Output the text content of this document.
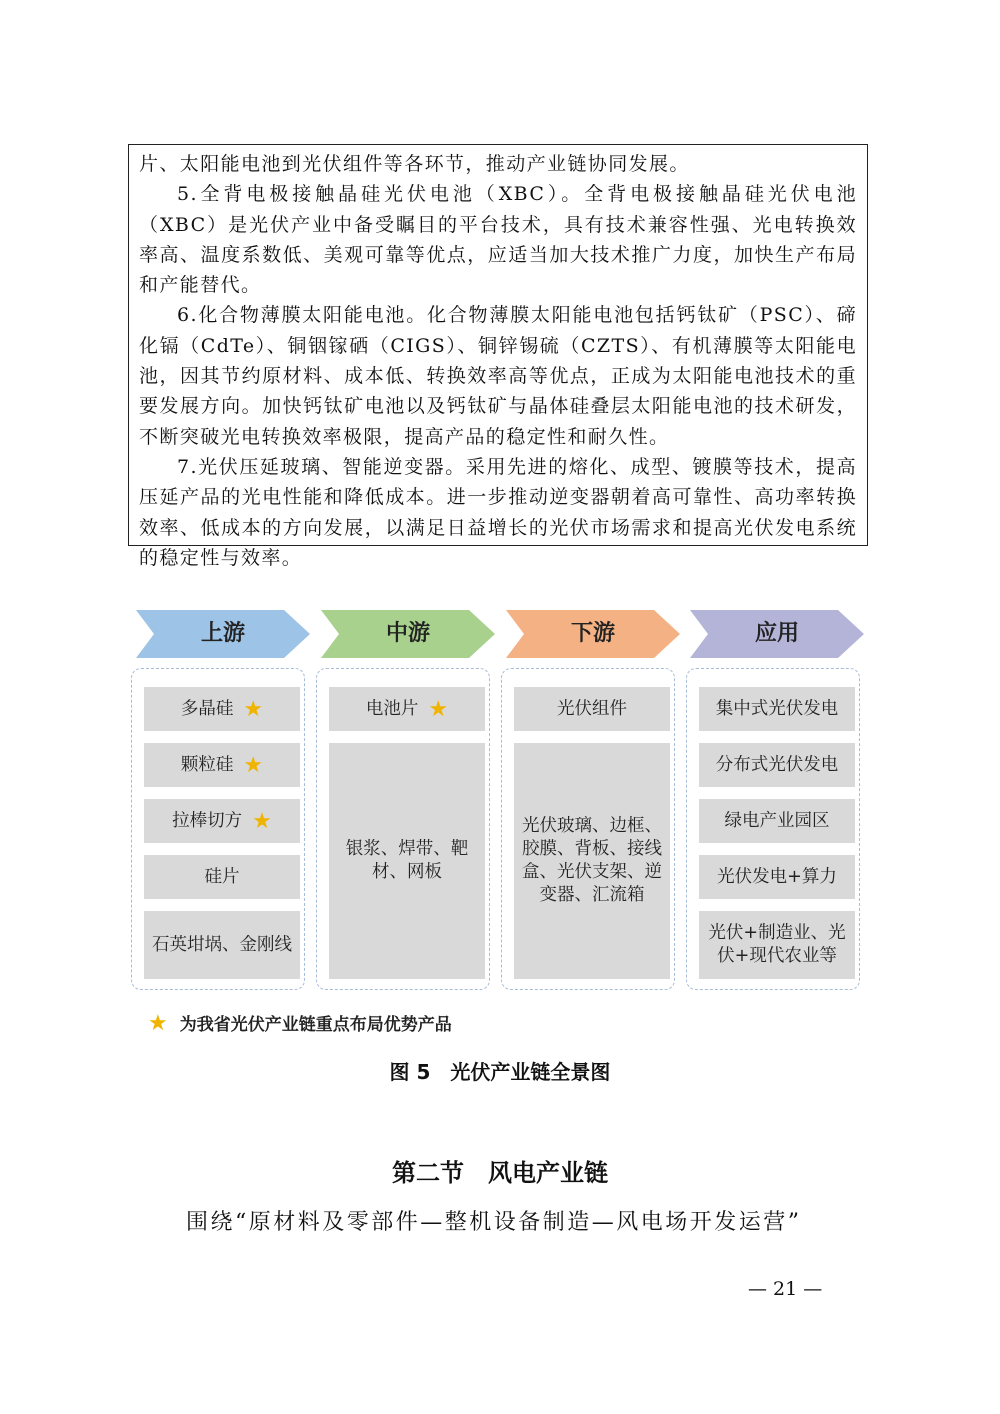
片、太阳能电池到光伏组件等各环节，推动产业链协同发展。

5.全背电极接触晶硅光伏电池（XBC）。全背电极接触晶硅光伏电池（XBC）是光伏产业中备受瞩目的平台技术，具有技术兼容性强、光电转换效率高、温度系数低、美观可靠等优点，应适当加大技术推广力度，加快生产布局和产能替代。

6.化合物薄膜太阳能电池。化合物薄膜太阳能电池包括钙钛矿（PSC）、碲化镉（CdTe）、铜铟镓硒（CIGS）、铜锌锡硫（CZTS）、有机薄膜等太阳能电池，因其节约原材料、成本低、转换效率高等优点，正成为太阳能电池技术的重要发展方向。加快钙钛矿电池以及钙钛矿与晶体硅叠层太阳能电池的技术研发，不断突破光电转换效率极限，提高产品的稳定性和耐久性。

7.光伏压延玻璃、智能逆变器。采用先进的熔化、成型、镀膜等技术，提高压延产品的光电性能和降低成本。进一步推动逆变器朝着高可靠性、高功率转换效率、低成本的方向发展，以满足日益增长的光伏市场需求和提高光伏发电系统的稳定性与效率。

上游	中游	下游	应用
多晶硅 ★
颗粒硅 ★
拉棒切方 ★
硅片
石英坩埚、金刚线
电池片 ★
银浆、焊带、靶材、网板
光伏组件
光伏玻璃、边框、胶膜、背板、接线盒、光伏支架、逆变器、汇流箱
集中式光伏发电
分布式光伏发电
绿电产业园区
光伏发电+算力
光伏+制造业、光伏+现代农业等
★ 为我省光伏产业链重点布局优势产品
图 5　光伏产业链全景图
第二节　风电产业链
围绕“原材料及零部件—整机设备制造—风电场开发运营”
— 21 —
